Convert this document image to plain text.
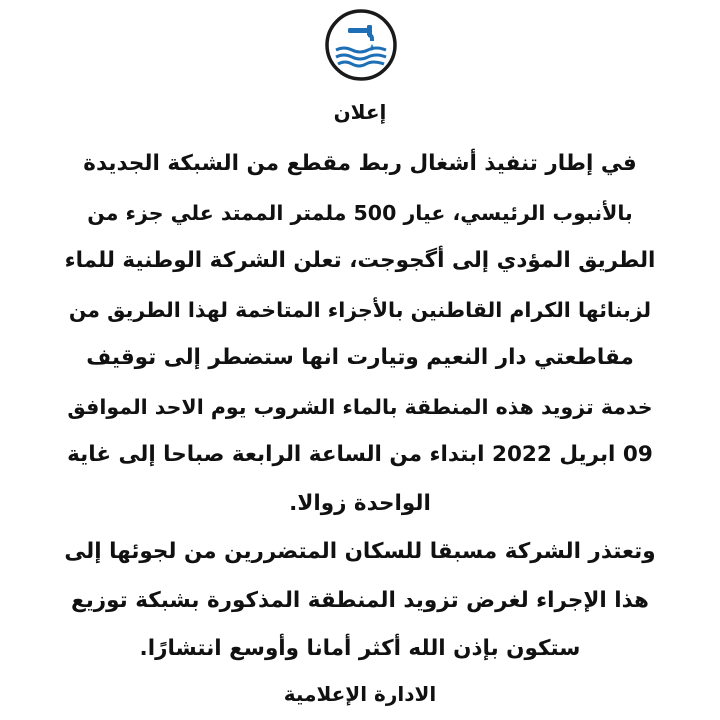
إعلان
في إطار تنفيذ أشغال ربط مقطع من الشبكة الجديدة
بالأنبوب الرئيسي، عيار 500 ملمتر الممتد علي جزء من
الطريق المؤدي إلى أگجوجت، تعلن الشركة الوطنية للماء
لزبنائها الكرام القاطنين بالأجزاء المتاخمة لهذا الطريق من
مقاطعتي دار النعيم وتيارت انها ستضطر إلى توقيف
خدمة تزويد هذه المنطقة بالماء الشروب يوم الاحد الموافق
09 ابريل 2022 ابتداء من الساعة الرابعة صباحا إلى غاية
الواحدة زوالا.
وتعتذر الشركة مسبقا للسكان المتضررين من لجوئها إلى
هذا الإجراء لغرض تزويد المنطقة المذكورة بشبكة توزيع
ستكون بإذن الله أكثر أمانا وأوسع انتشارًا.
الادارة الإعلامية
